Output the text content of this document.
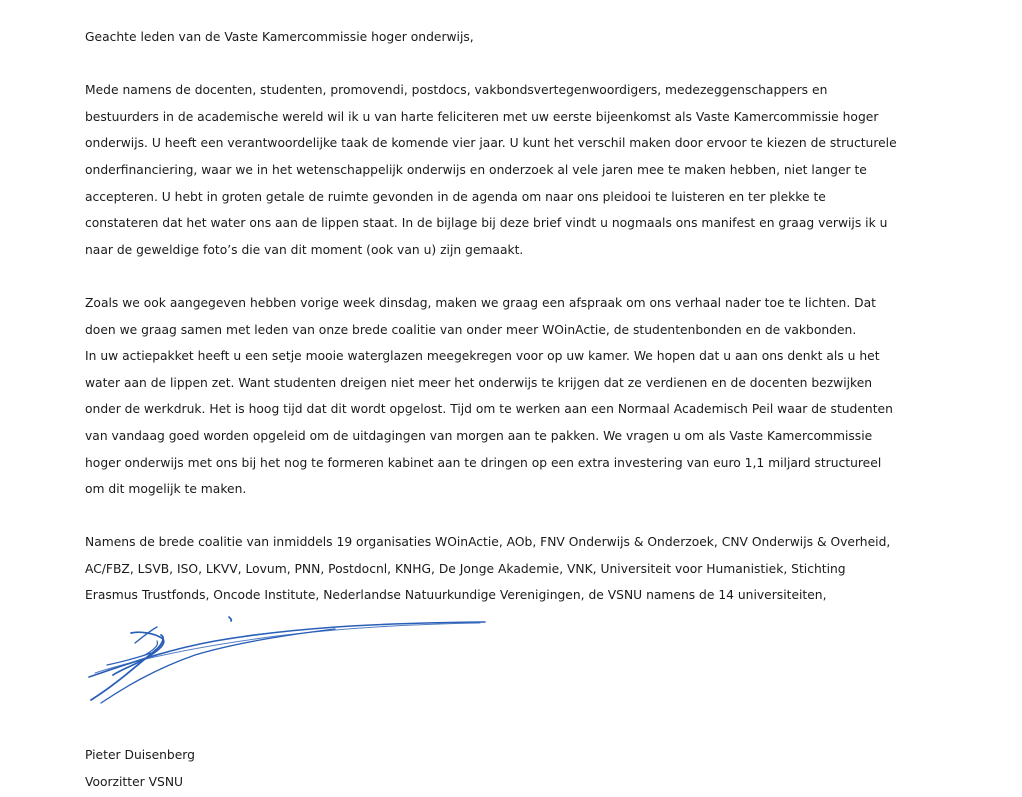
Geachte leden van de Vaste Kamercommissie hoger onderwijs,

Mede namens de docenten, studenten, promovendi, postdocs, vakbondsvertegenwoordigers, medezeggenschappers en bestuurders in de academische wereld wil ik u van harte feliciteren met uw eerste bijeenkomst als Vaste Kamercommissie hoger onderwijs. U heeft een verantwoordelijke taak de komende vier jaar. U kunt het verschil maken door ervoor te kiezen de structurele onderfinanciering, waar we in het wetenschappelijk onderwijs en onderzoek al vele jaren mee te maken hebben, niet langer te accepteren. U hebt in groten getale de ruimte gevonden in de agenda om naar ons pleidooi te luisteren en ter plekke te constateren dat het water ons aan de lippen staat. In de bijlage bij deze brief vindt u nogmaals ons manifest en graag verwijs ik u naar de geweldige foto’s die van dit moment (ook van u) zijn gemaakt.

Zoals we ook aangegeven hebben vorige week dinsdag, maken we graag een afspraak om ons verhaal nader toe te lichten. Dat doen we graag samen met leden van onze brede coalitie van onder meer WOinActie, de studentenbonden en de vakbonden.

In uw actiepakket heeft u een setje mooie waterglazen meegekregen voor op uw kamer. We hopen dat u aan ons denkt als u het water aan de lippen zet. Want studenten dreigen niet meer het onderwijs te krijgen dat ze verdienen en de docenten bezwijken onder de werkdruk. Het is hoog tijd dat dit wordt opgelost. Tijd om te werken aan een Normaal Academisch Peil waar de studenten van vandaag goed worden opgeleid om de uitdagingen van morgen aan te pakken. We vragen u om als Vaste Kamercommissie hoger onderwijs met ons bij het nog te formeren kabinet aan te dringen op een extra investering van euro 1,1 miljard structureel om dit mogelijk te maken.

Namens de brede coalitie van inmiddels 19 organisaties WOinActie, AOb, FNV Onderwijs & Onderzoek, CNV Onderwijs & Overheid, AC/FBZ, LSVB, ISO, LKVV, Lovum, PNN, Postdocnl, KNHG, De Jonge Akademie, VNK, Universiteit voor Humanistiek, Stichting Erasmus Trustfonds, Oncode Institute, Nederlandse Natuurkundige Verenigingen, de VSNU namens de 14 universiteiten,

Pieter Duisenberg

Voorzitter VSNU
